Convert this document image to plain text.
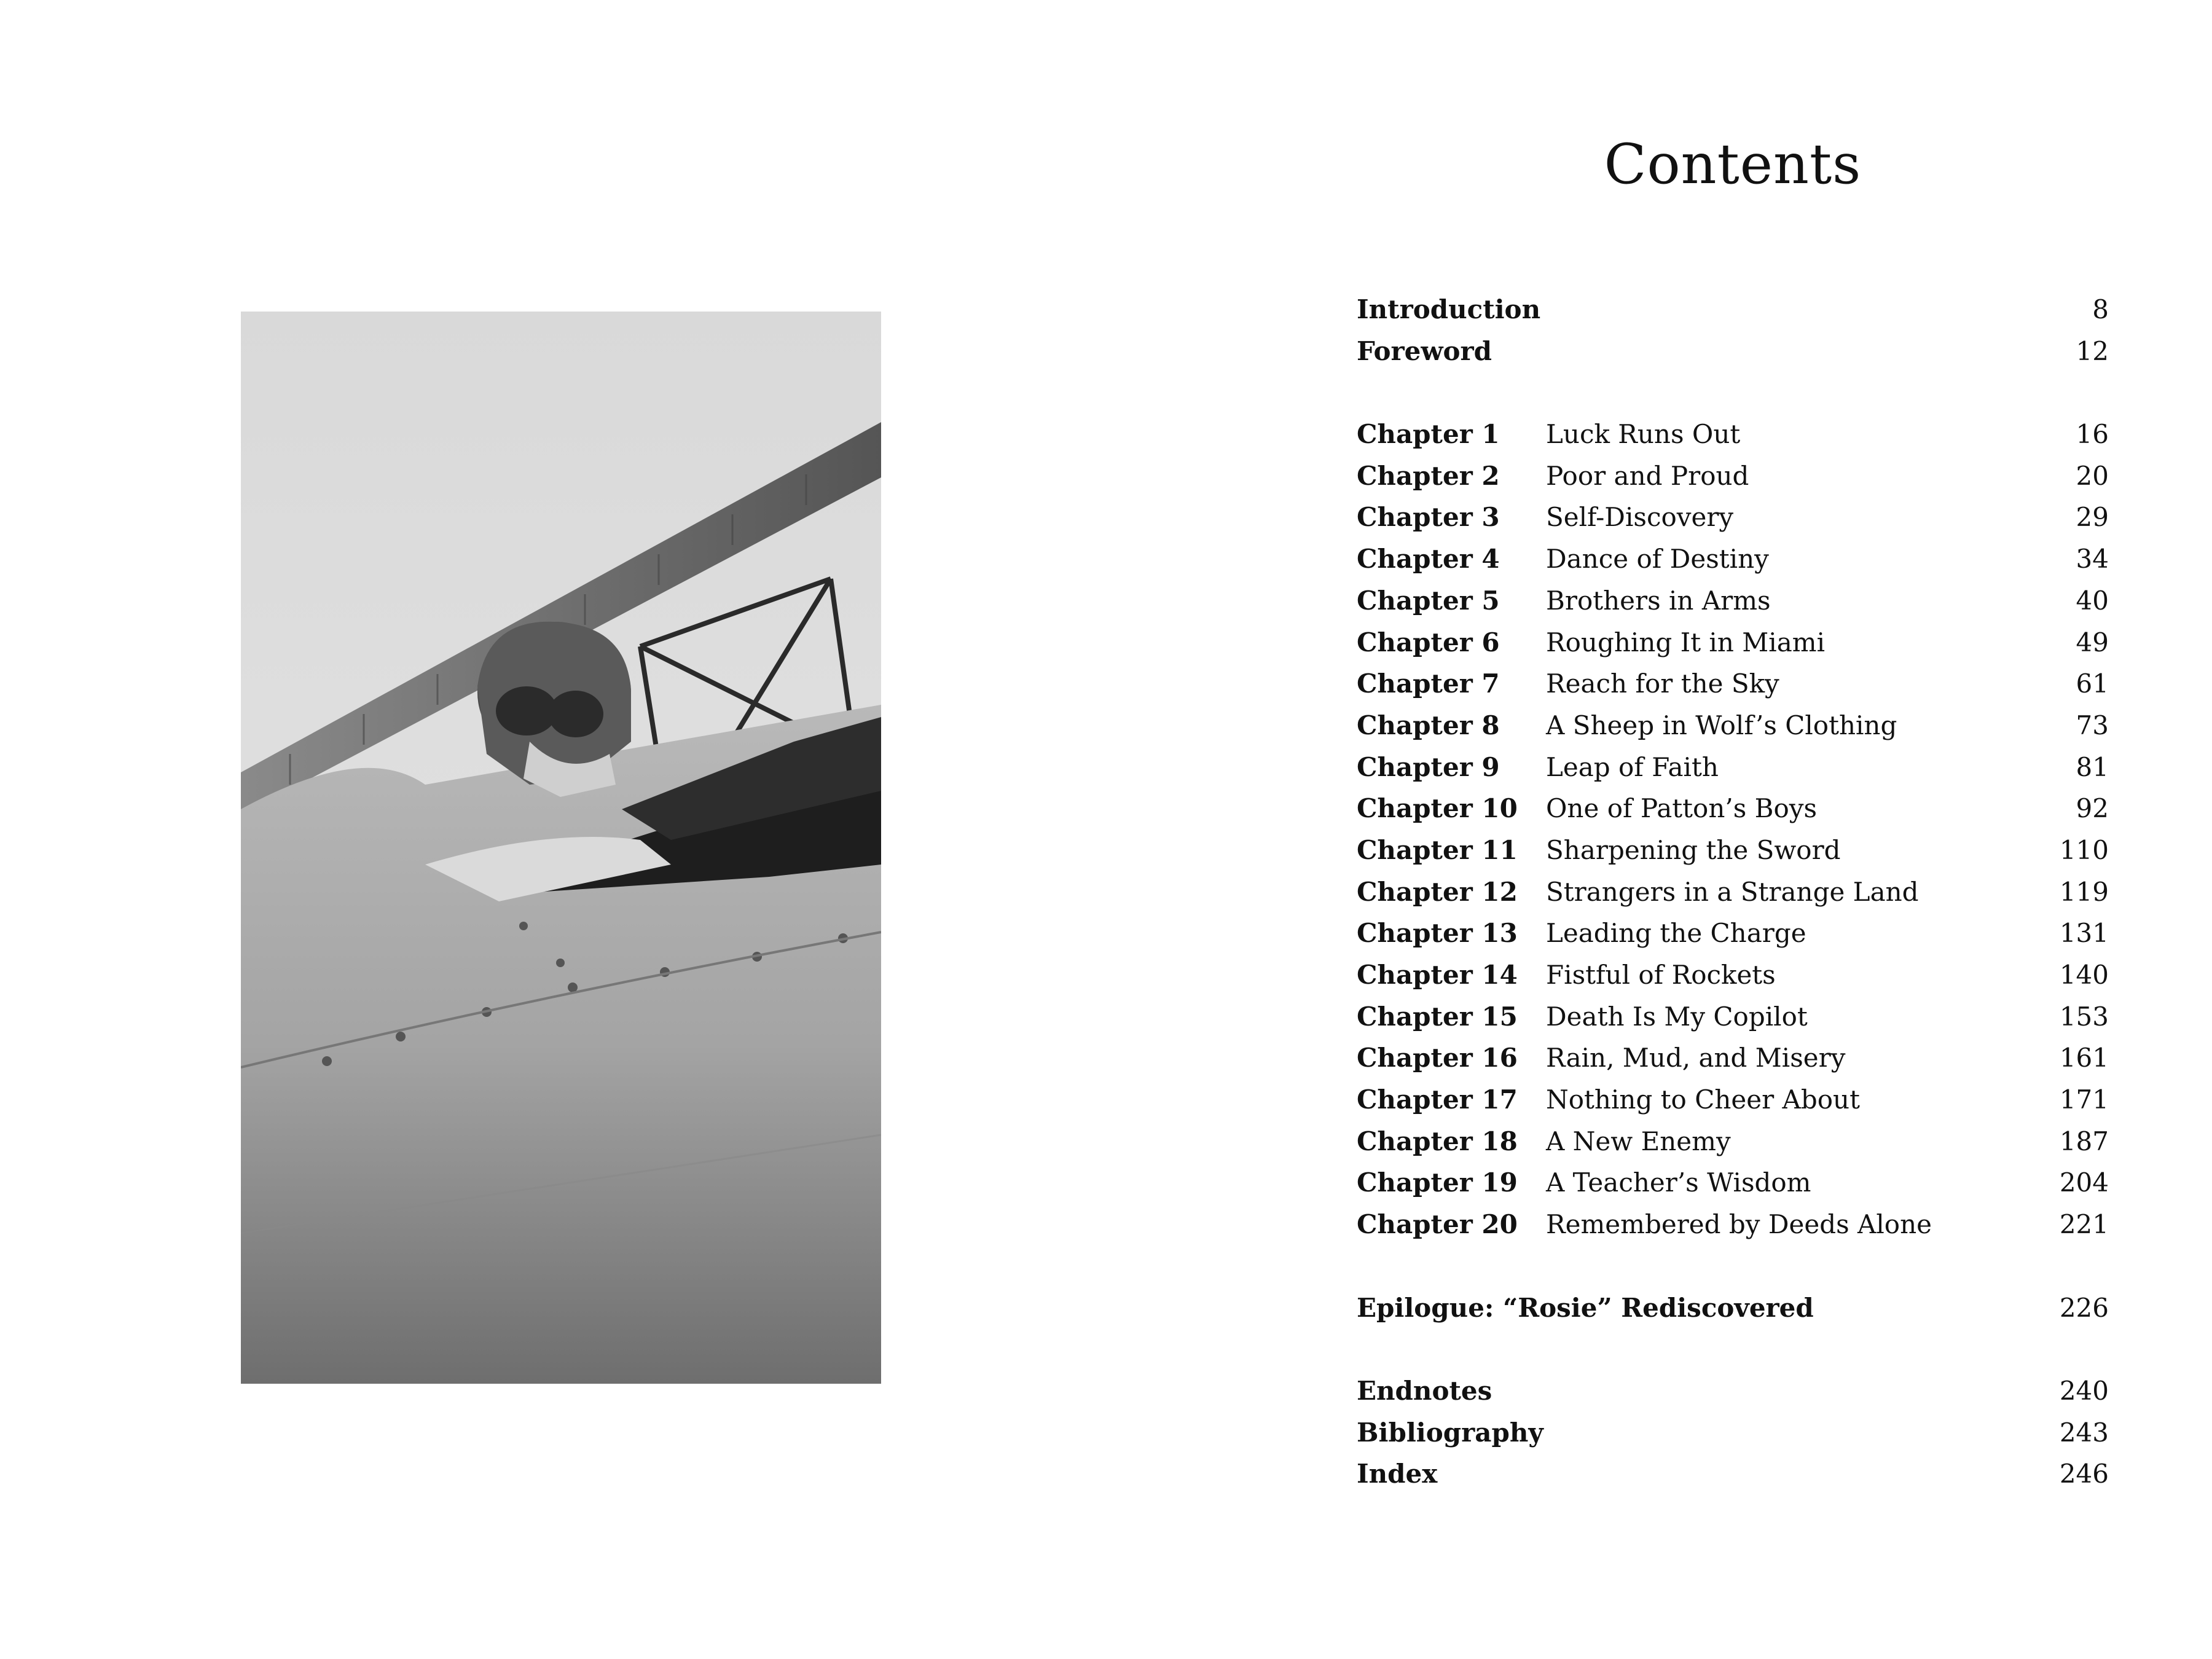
Contents
Introduction	8
Foreword	12
Chapter 1 Luck Runs Out	16
Chapter 2 Poor and Proud	20
Chapter 3 Self-Discovery	29
Chapter 4 Dance of Destiny	34
Chapter 5 Brothers in Arms	40
Chapter 6 Roughing It in Miami	49
Chapter 7 Reach for the Sky	61
Chapter 8 A Sheep in Wolf’s Clothing	73
Chapter 9 Leap of Faith	81
Chapter 10 One of Patton’s Boys	92
Chapter 11 Sharpening the Sword	110
Chapter 12 Strangers in a Strange Land	119
Chapter 13 Leading the Charge	131
Chapter 14 Fistful of Rockets	140
Chapter 15 Death Is My Copilot	153
Chapter 16 Rain, Mud, and Misery	161
Chapter 17 Nothing to Cheer About	171
Chapter 18 A New Enemy	187
Chapter 19 A Teacher’s Wisdom	204
Chapter 20 Remembered by Deeds Alone	221
Epilogue: “Rosie” Rediscovered	226
Endnotes	240
Bibliography	243
Index	246
